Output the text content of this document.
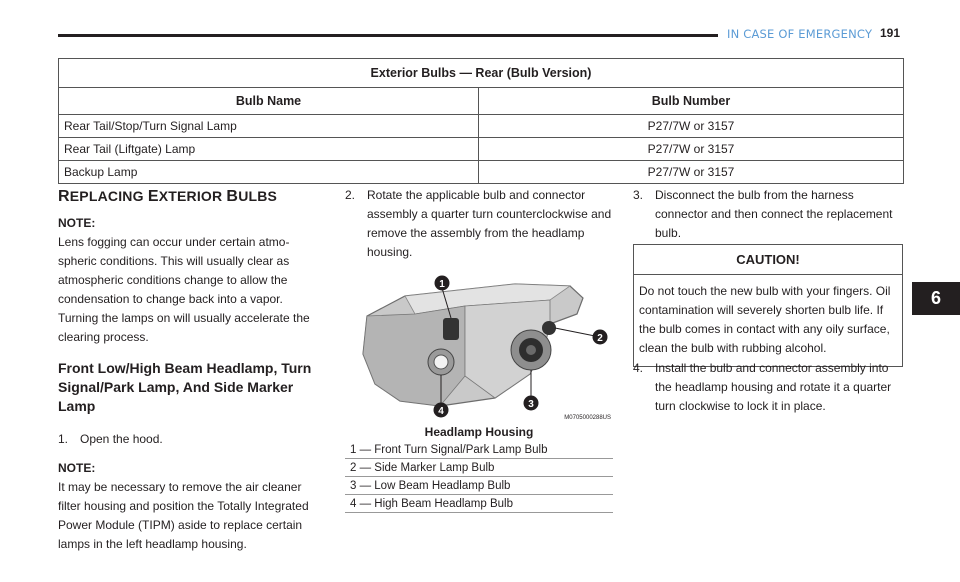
IN CASE OF EMERGENCY 191
6
Exterior Bulbs — Rear (Bulb Version)	
Bulb Name	Bulb Number
Rear Tail/Stop/Turn Signal Lamp	P27/7W or 3157
Rear Tail (Liftgate) Lamp	P27/7W or 3157
Backup Lamp	P27/7W or 3157
REPLACING EXTERIOR BULBS
NOTE:
Lens fogging can occur under certain atmo- spheric conditions. This will usually clear as atmospheric conditions change to allow the condensation to change back into a vapor. Turning the lamps on will usually accelerate the clearing process.
Front Low/High Beam Headlamp, Turn Signal/Park Lamp, And Side Marker Lamp
1. Open the hood.
NOTE:
It may be necessary to remove the air cleaner filter housing and position the Totally Integrated Power Module (TIPM) aside to replace certain lamps in the left headlamp housing.
2. Rotate the applicable bulb and connector assembly a quarter turn counterclockwise and remove the assembly from the headlamp housing.
1
2
3
4
M0705000288US
Headlamp Housing
1 — Front Turn Signal/Park Lamp Bulb
2 — Side Marker Lamp Bulb
3 — Low Beam Headlamp Bulb
4 — High Beam Headlamp Bulb
3. Disconnect the bulb from the harness connector and then connect the replacement bulb.
CAUTION!
Do not touch the new bulb with your fingers. Oil contamination will severely shorten bulb life. If the bulb comes in contact with any oily surface, clean the bulb with rubbing alcohol.
4. Install the bulb and connector assembly into the headlamp housing and rotate it a quarter turn clockwise to lock it in place.
